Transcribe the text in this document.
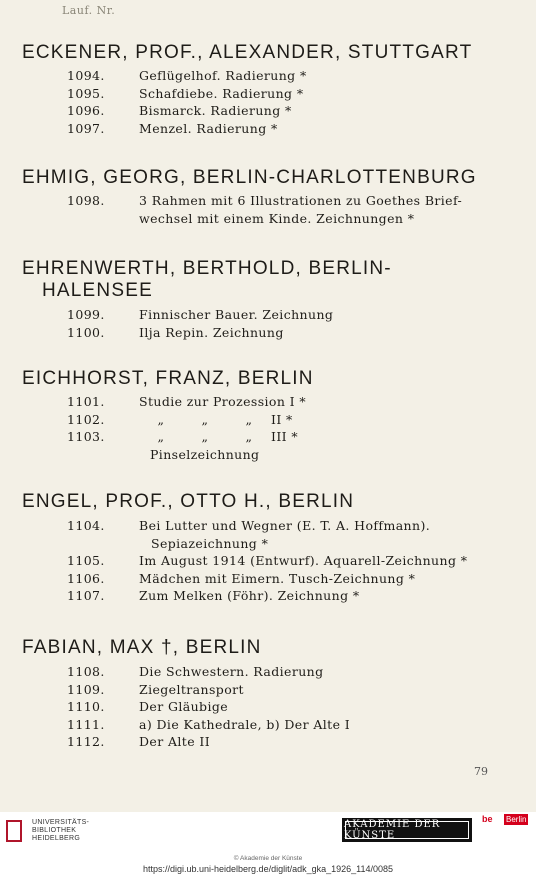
Lauf. Nr.
ECKENER, PROF., ALEXANDER, STUTTGART
1094.	Geflügelhof. Radierung *
1095.	Schafdiebe. Radierung *
1096.	Bismarck. Radierung *
1097.	Menzel. Radierung *
EHMIG, GEORG, BERLIN-CHARLOTTENBURG
1098.	3 Rahmen mit 6 Illustrationen zu Goethes Brief-
wechsel mit einem Kinde. Zeichnungen *
EHRENWERTH, BERTHOLD, BERLIN-
HALENSEE
1099.	Finnischer Bauer. Zeichnung
1100.	Ilja Repin. Zeichnung
EICHHORST, FRANZ, BERLIN
1101.	Studie zur Prozession I *
1102.	„	„	„ II *
1103.	„	„	„ III *
Pinselzeichnung
ENGEL, PROF., OTTO H., BERLIN
1104.	Bei Lutter und Wegner (E. T. A. Hoffmann).
Sepiazeichnung *
1105.	Im August 1914 (Entwurf). Aquarell-Zeichnung *
1106.	Mädchen mit Eimern. Tusch-Zeichnung *
1107.	Zum Melken (Föhr). Zeichnung *
FABIAN, MAX †, BERLIN
1108.	Die Schwestern. Radierung
1109.	Ziegeltransport
1110.	Der Gläubige
1111.	a) Die Kathedrale, b) Der Alte I
1112.	Der Alte II
79
UNIVERSITÄTS-
BIBLIOTHEK
HEIDELBERG
AKADEMIE DER KÜNSTE
be Berlin
© Akademie der Künste
https://digi.ub.uni-heidelberg.de/diglit/adk_gka_1926_114/0085
